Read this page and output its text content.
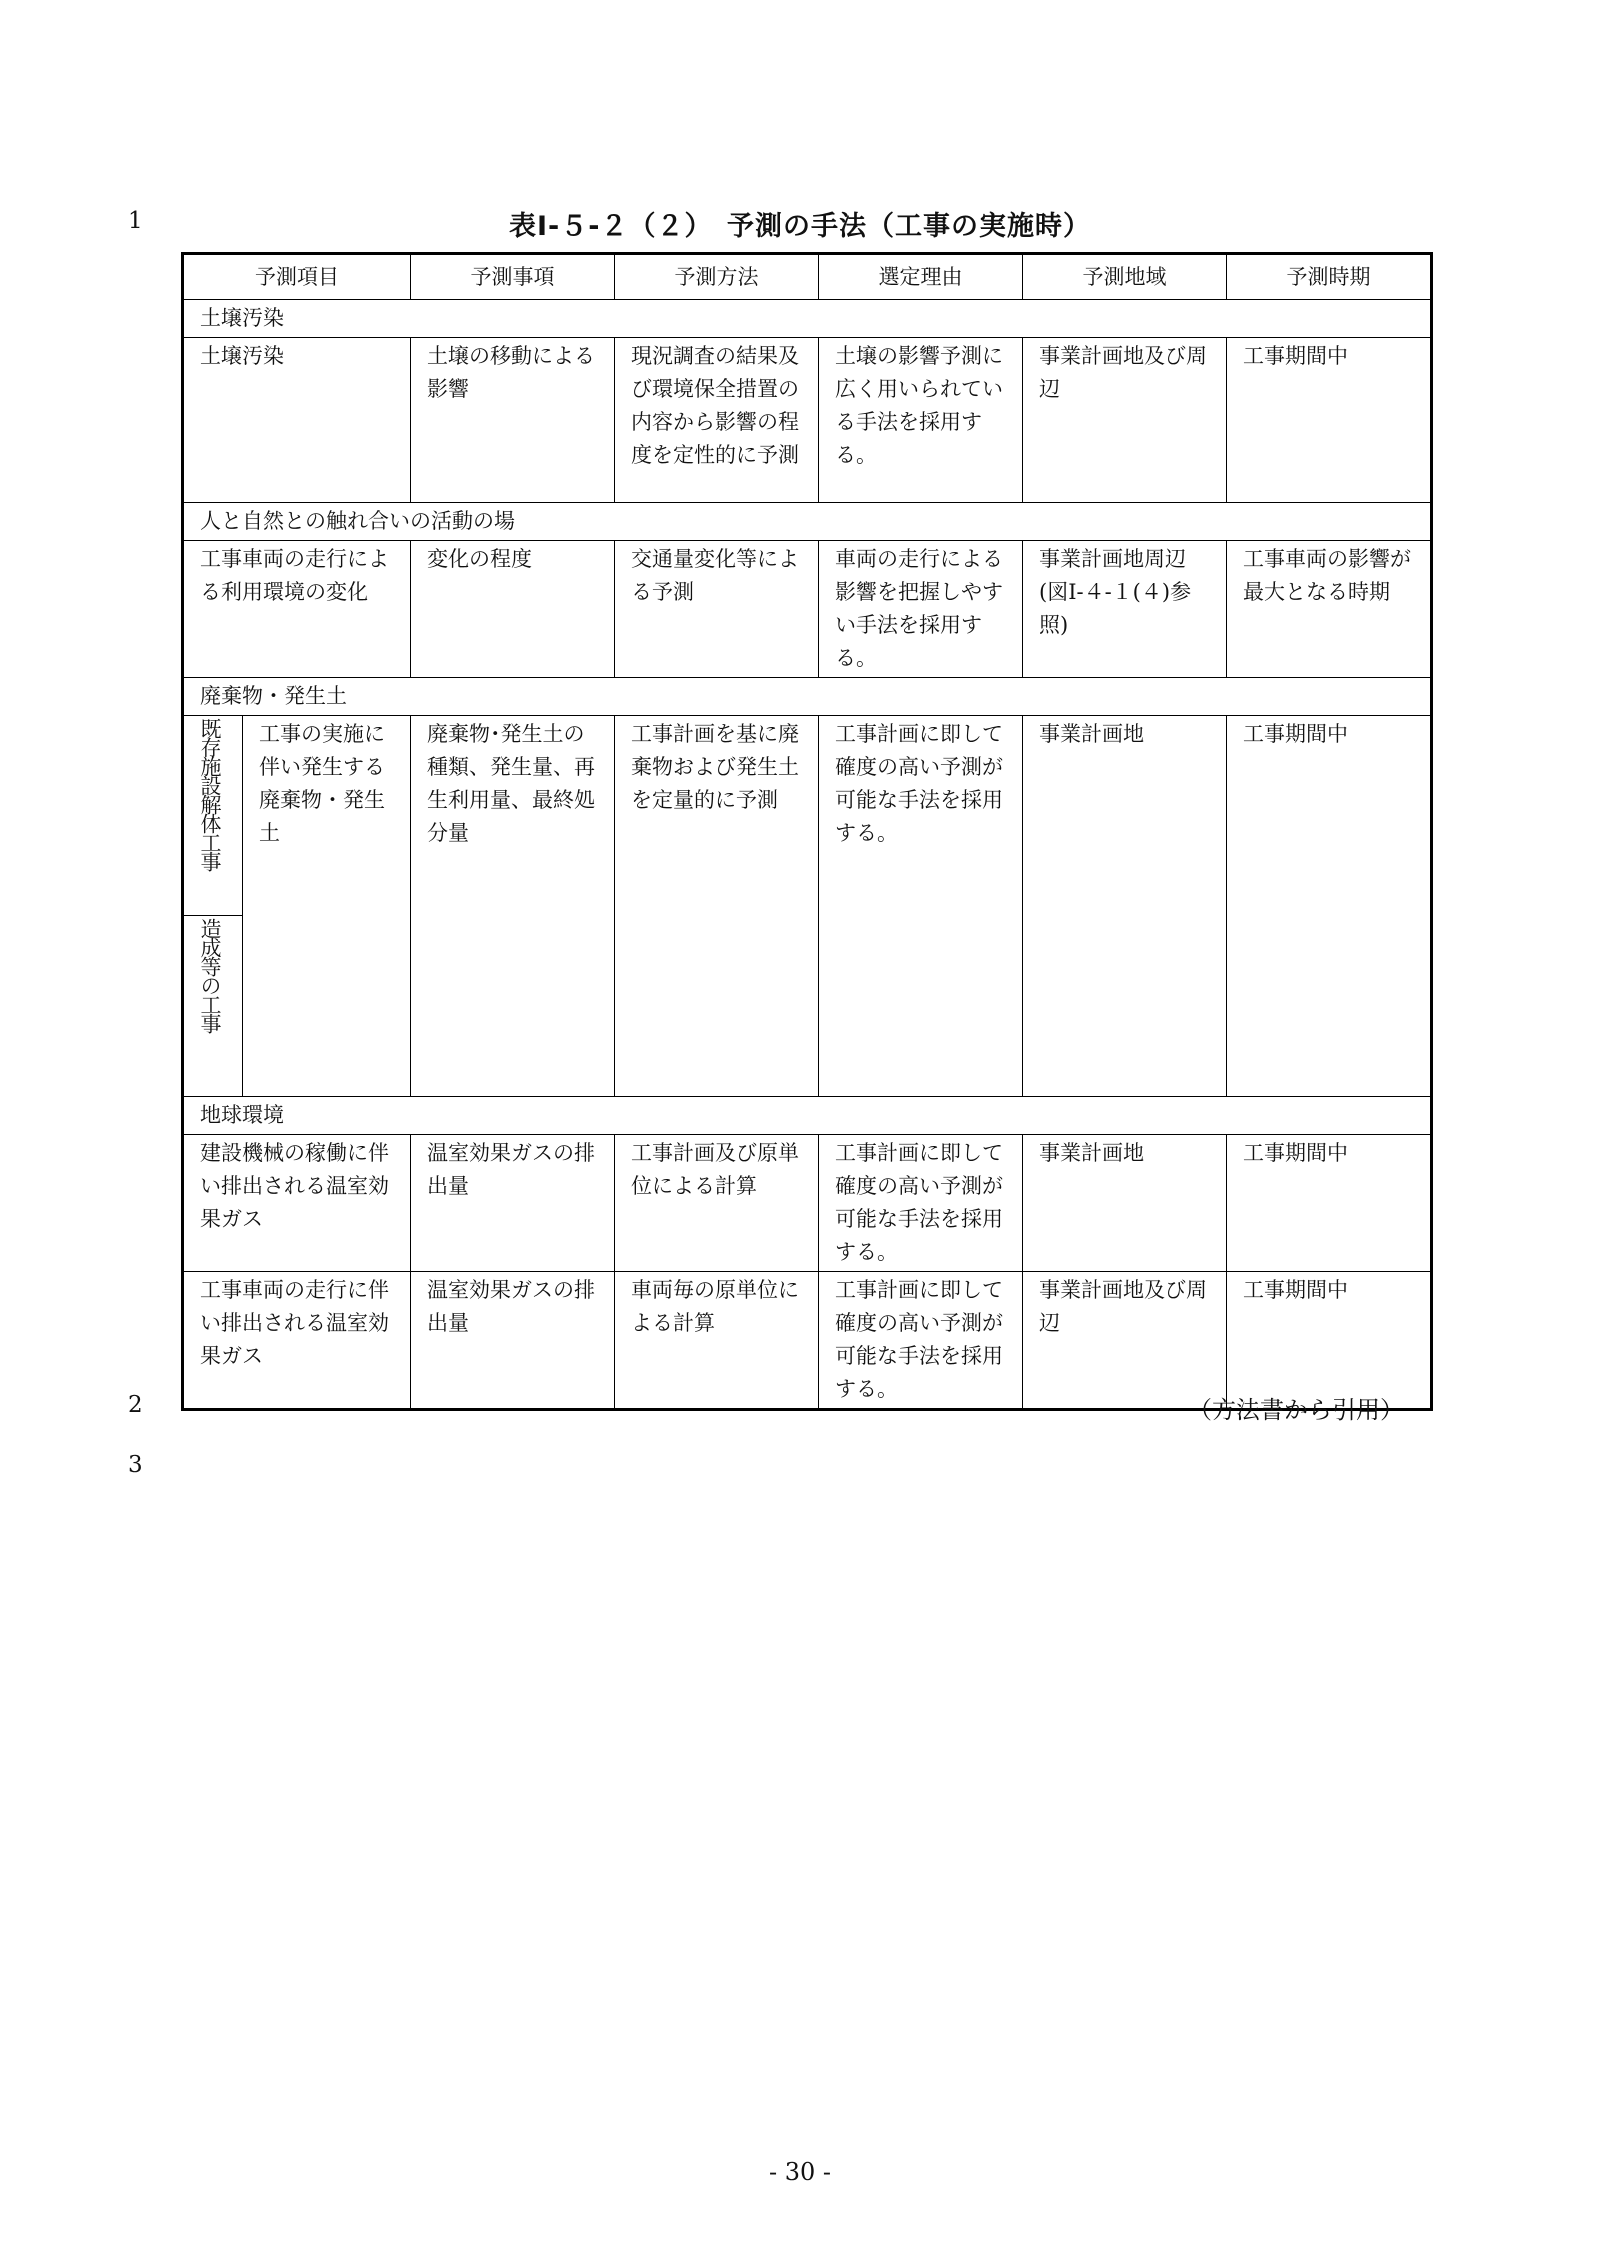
1
2
3
表Ⅰ-５-２（２）　予測の手法（工事の実施時）
予測項目		予測事項	予測方法	選定理由	予測地域	予測時期
土壌汚染						
土壌汚染		土壌の移動による影響	現況調査の結果及び環境保全措置の内容から影響の程度を定性的に予測	土壌の影響予測に広く用いられている手法を採用する。	事業計画地及び周辺	工事期間中
人と自然との触れ合いの活動の場						
工事車両の走行による利用環境の変化		変化の程度	交通量変化等による予測	車両の走行による影響を把握しやすい手法を採用する。	事業計画地周辺(図Ⅰ-４-１(４)参照)	工事車両の影響が最大となる時期
廃棄物・発生土						
既存施設解体工事	工事の実施に伴い発生する廃棄物・発生土	廃棄物･発生土の種類、発生量、再生利用量、最終処分量	工事計画を基に廃棄物および発生土を定量的に予測	工事計画に即して確度の高い予測が可能な手法を採用する。	事業計画地	工事期間中
造成等の工事						
地球環境						
建設機械の稼働に伴い排出される温室効果ガス		温室効果ガスの排出量	工事計画及び原単位による計算	工事計画に即して確度の高い予測が可能な手法を採用する。	事業計画地	工事期間中
工事車両の走行に伴い排出される温室効果ガス		温室効果ガスの排出量	車両毎の原単位による計算	工事計画に即して確度の高い予測が可能な手法を採用する。	事業計画地及び周辺	工事期間中
（方法書から引用）
- 30 -
